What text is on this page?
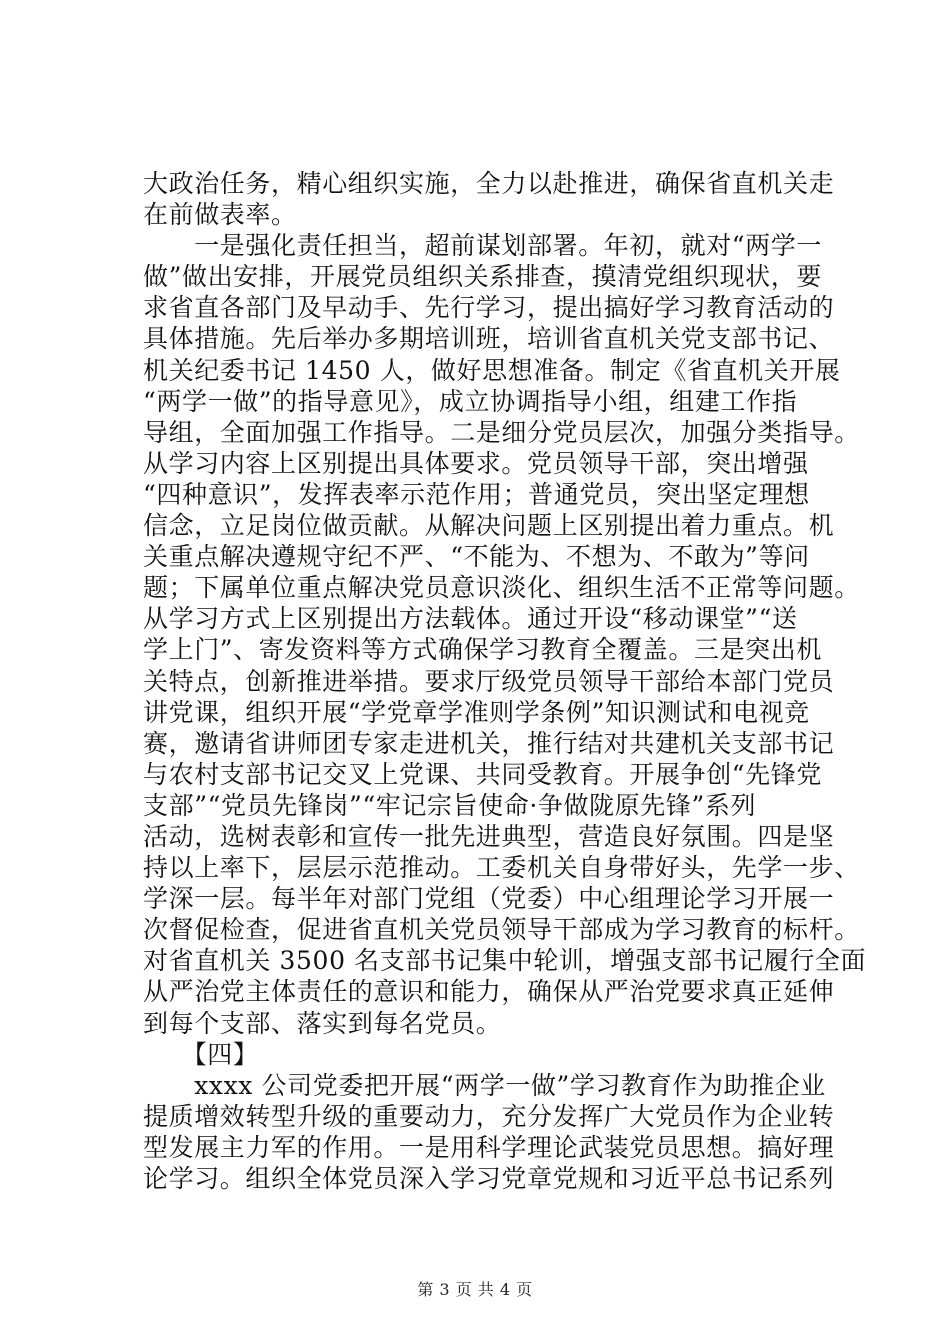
大政治任务，精心组织实施，全力以赴推进，确保省直机关走
在前做表率。
　　一是强化责任担当，超前谋划部署。年初，就对“两学一
做”做出安排，开展党员组织关系排查，摸清党组织现状，要
求省直各部门及早动手、先行学习，提出搞好学习教育活动的
具体措施。先后举办多期培训班，培训省直机关党支部书记、
机关纪委书记 1450 人，做好思想准备。制定《省直机关开展
“两学一做”的指导意见》，成立协调指导小组，组建工作指
导组，全面加强工作指导。二是细分党员层次，加强分类指导。
从学习内容上区别提出具体要求。党员领导干部，突出增强
“四种意识”，发挥表率示范作用；普通党员，突出坚定理想
信念，立足岗位做贡献。从解决问题上区别提出着力重点。机
关重点解决遵规守纪不严、“不能为、不想为、不敢为”等问
题；下属单位重点解决党员意识淡化、组织生活不正常等问题。
从学习方式上区别提出方法载体。通过开设“移动课堂”“送
学上门”、寄发资料等方式确保学习教育全覆盖。三是突出机
关特点，创新推进举措。要求厅级党员领导干部给本部门党员
讲党课，组织开展“学党章学准则学条例”知识测试和电视竞
赛，邀请省讲师团专家走进机关，推行结对共建机关支部书记
与农村支部书记交叉上党课、共同受教育。开展争创“先锋党
支部”“党员先锋岗”“牢记宗旨使命·争做陇原先锋”系列
活动，选树表彰和宣传一批先进典型，营造良好氛围。四是坚
持以上率下，层层示范推动。工委机关自身带好头，先学一步、
学深一层。每半年对部门党组（党委）中心组理论学习开展一
次督促检查，促进省直机关党员领导干部成为学习教育的标杆。
对省直机关 3500 名支部书记集中轮训，增强支部书记履行全面
从严治党主体责任的意识和能力，确保从严治党要求真正延伸
到每个支部、落实到每名党员。
　　【四】
　　xxxx 公司党委把开展“两学一做”学习教育作为助推企业
提质增效转型升级的重要动力，充分发挥广大党员作为企业转
型发展主力军的作用。一是用科学理论武装党员思想。搞好理
论学习。组织全体党员深入学习党章党规和习近平总书记系列
第 3 页 共 4 页
